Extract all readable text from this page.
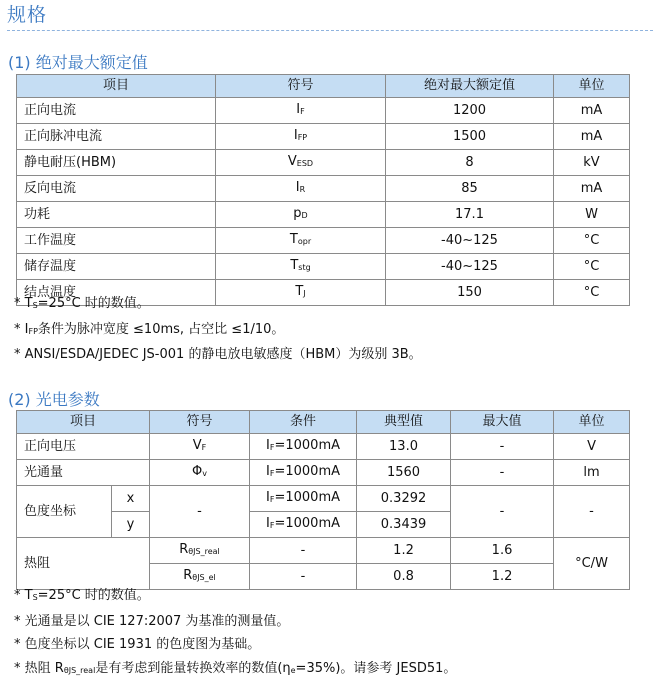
规格
(1) 绝对最大额定值
项目	符号	绝对最大额定值	单位
正向电流	IF	1200	mA
正向脉冲电流	IFP	1500	mA
静电耐压(HBM)	VESD	8	kV
反向电流	IR	85	mA
功耗	pD	17.1	W
工作温度	Topr	-40~125	°C
储存温度	Tstg	-40~125	°C
结点温度	TJ	150	°C
* TS=25°C 时的数值。
* IFP条件为脉冲宽度 ≤10ms, 占空比 ≤1/10。
* ANSI/ESDA/JEDEC JS-001 的静电放电敏感度（HBM）为级别 3B。
(2) 光电参数
项目		符号	条件	典型值	最大值	单位
正向电压		VF	IF=1000mA	13.0	-	V
光通量		Φv	IF=1000mA	1560	-	lm
色度坐标	x	-	IF=1000mA	0.3292	-	-
	y		IF=1000mA	0.3439		
热阻		RθJS_real	-	1.2	1.6	°C/W
		RθJS_el	-	0.8	1.2	
* TS=25°C 时的数值。
* 光通量是以 CIE 127:2007 为基准的测量值。
* 色度坐标以 CIE 1931 的色度图为基础。
* 热阻 RθJS_real是有考虑到能量转换效率的数值(ηe=35%)。请参考 JESD51。
